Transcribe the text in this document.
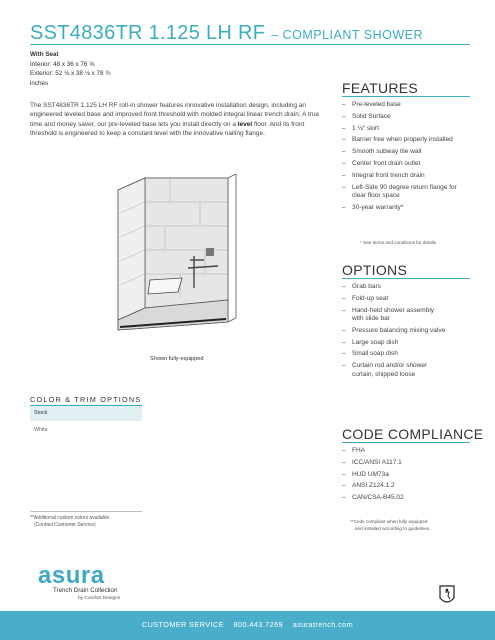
SST4836TR 1.125 LH RF – COMPLIANT SHOWER
With Seat
Interior: 48 x 36 x 76 ⅝
Exterior: 52 ⅛ x 38 ⅛ x 78 ¾
inches
The SST4836TR 1.125 LH RF roll-in shower features innovative installation design, including an engineered leveled base and improved front threshold with molded integral linear trench drain. A true time and money saver, our pre-leveled base lets you install directly on a level floor. And its front threshold is engineered to keep a constant level with the innovative nailing flange.
Shown fully-equipped
FEATURES
– Pre-leveled base
– Solid Surface
– 1 ⅛" skirt
– Barrier free when properly installed
– Smooth subway tile wall
– Center front drain outlet
– Integral front trench drain
– Left-Side 90 degree return flange for clear floor space
– 30-year warranty*
* See terms and conditions for details
OPTIONS
– Grab bars
– Fold-up seat
– Hand-held shower assembly with slide bar
– Pressure balancing mixing valve
– Large soap dish
– Small soap dish
– Curtain rod and/or shower curtain, shipped loose
CODE COMPLIANCE
– FHA
– ICC/ANSI A117.1
– HUD UM73a
– ANSI Z124.1.2
– CAN/CSA-B45.02
**Code compliant when fully equipped
and installed according to guidelines.
COLOR & TRIM OPTIONS
Stock
White
**Additional custom colors available.
(Contact Customer Service)
asura
Trench Drain Collection
by Comfort Designs
CUSTOMER SERVICE 800.443.7269 asuratrench.com
